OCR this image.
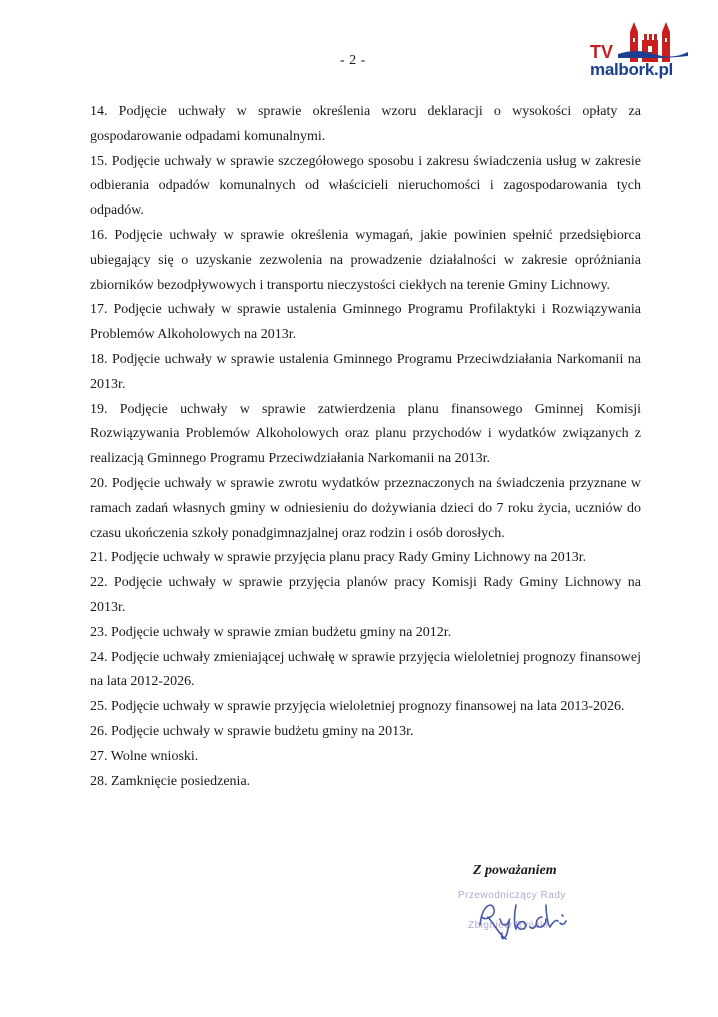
- 2 -	TV
malbork.pl

14. Podjęcie uchwały w sprawie określenia wzoru deklaracji o wysokości opłaty za gospodarowanie odpadami komunalnymi.

15. Podjęcie uchwały w sprawie szczegółowego sposobu i zakresu świadczenia usług w zakresie odbierania odpadów komunalnych od właścicieli nieruchomości i zagospodarowania tych odpadów.

16. Podjęcie uchwały w sprawie określenia wymagań, jakie powinien spełnić przedsiębiorca ubiegający się o uzyskanie zezwolenia na prowadzenie działalności w zakresie opróżniania zbiorników bezodpływowych i transportu nieczystości ciekłych na terenie Gminy Lichnowy.

17. Podjęcie uchwały w sprawie ustalenia Gminnego Programu Profilaktyki i Rozwiązywania Problemów Alkoholowych na 2013r.

18. Podjęcie uchwały w sprawie ustalenia Gminnego Programu Przeciwdziałania Narkomanii na 2013r.

19. Podjęcie uchwały w sprawie zatwierdzenia planu finansowego Gminnej Komisji Rozwiązywania Problemów Alkoholowych oraz planu przychodów i wydatków związanych z realizacją Gminnego Programu Przeciwdziałania Narkomanii na 2013r.

20. Podjęcie uchwały w sprawie zwrotu wydatków przeznaczonych na świadczenia przyznane w ramach zadań własnych gminy w odniesieniu do dożywiania dzieci do 7 roku życia, uczniów do czasu ukończenia szkoły ponadgimnazjalnej oraz rodzin i osób dorosłych.

21. Podjęcie uchwały w sprawie przyjęcia planu pracy Rady Gminy Lichnowy na 2013r.

22. Podjęcie uchwały w sprawie przyjęcia planów pracy Komisji Rady Gminy Lichnowy na 2013r.

23. Podjęcie uchwały w sprawie zmian budżetu gminy na 2012r.

24. Podjęcie uchwały zmieniającej uchwałę w sprawie przyjęcia wieloletniej prognozy finansowej na lata 2012-2026.

25. Podjęcie uchwały w sprawie przyjęcia wieloletniej prognozy finansowej na lata 2013-2026.

26. Podjęcie uchwały w sprawie budżetu gminy na 2013r.

27. Wolne wnioski.

28. Zamknięcie posiedzenia.

Z poważaniem
Przewodniczący Rady
Zbigniew Ryński
